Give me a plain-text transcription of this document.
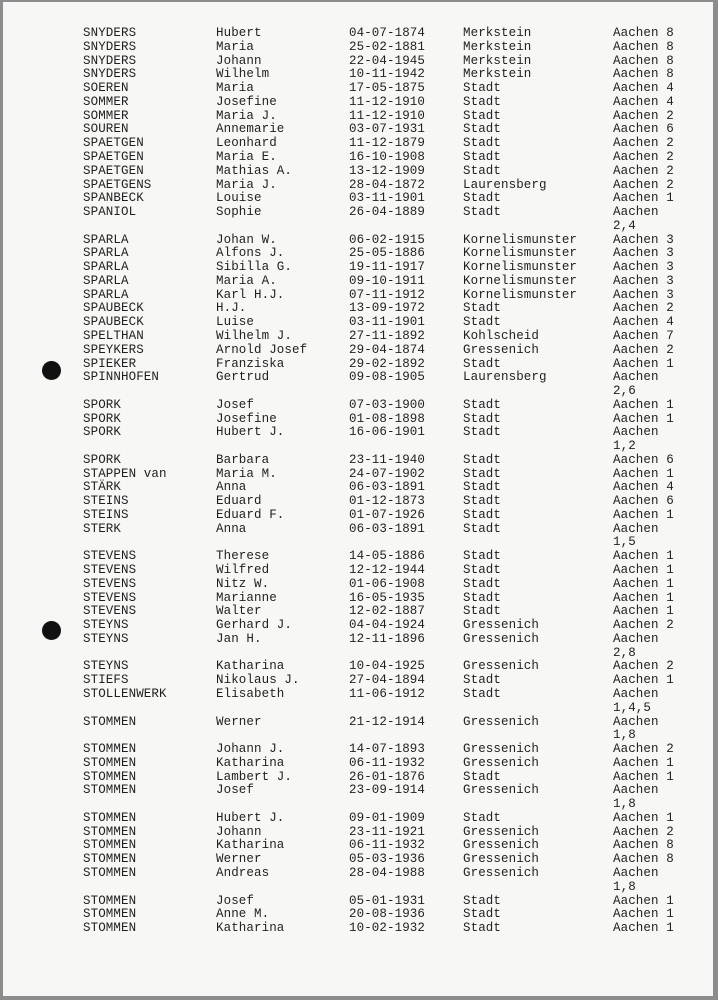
SNYDERS	Hubert	04-07-1874	Merkstein	Aachen 8
SNYDERS	Maria	25-02-1881	Merkstein	Aachen 8
SNYDERS	Johann	22-04-1945	Merkstein	Aachen 8
SNYDERS	Wilhelm	10-11-1942	Merkstein	Aachen 8
SOEREN	Maria	17-05-1875	Stadt	Aachen 4
SOMMER	Josefine	11-12-1910	Stadt	Aachen 4
SOMMER	Maria J.	11-12-1910	Stadt	Aachen 2
SOUREN	Annemarie	03-07-1931	Stadt	Aachen 6
SPAETGEN	Leonhard	11-12-1879	Stadt	Aachen 2
SPAETGEN	Maria E.	16-10-1908	Stadt	Aachen 2
SPAETGEN	Mathias A.	13-12-1909	Stadt	Aachen 2
SPAETGENS	Maria J.	28-04-1872	Laurensberg	Aachen 2
SPANBECK	Louise	03-11-1901	Stadt	Aachen 1
SPANIOL	Sophie	26-04-1889	Stadt	Aachen
2,4
SPARLA	Johan W.	06-02-1915	Kornelismunster	Aachen 3
SPARLA	Alfons J.	25-05-1886	Kornelismunster	Aachen 3
SPARLA	Sibilla G.	19-11-1917	Kornelismunster	Aachen 3
SPARLA	Maria A.	09-10-1911	Kornelismunster	Aachen 3
SPARLA	Karl H.J.	07-11-1912	Kornelismunster	Aachen 3
SPAUBECK	H.J.	13-09-1972	Stadt	Aachen 2
SPAUBECK	Luise	03-11-1901	Stadt	Aachen 4
SPELTHAN	Wilhelm J.	27-11-1892	Kohlscheid	Aachen 7
SPEYKERS	Arnold Josef	29-04-1874	Gressenich	Aachen 2
SPIEKER	Franziska	29-02-1892	Stadt	Aachen 1
SPINNHOFEN	Gertrud	09-08-1905	Laurensberg	Aachen
2,6
SPORK	Josef	07-03-1900	Stadt	Aachen 1
SPORK	Josefine	01-08-1898	Stadt	Aachen 1
SPORK	Hubert J.	16-06-1901	Stadt	Aachen
1,2
SPORK	Barbara	23-11-1940	Stadt	Aachen 6
STAPPEN van	Maria M.	24-07-1902	Stadt	Aachen 1
STÄRK	Anna	06-03-1891	Stadt	Aachen 4
STEINS	Eduard	01-12-1873	Stadt	Aachen 6
STEINS	Eduard F.	01-07-1926	Stadt	Aachen 1
STERK	Anna	06-03-1891	Stadt	Aachen
1,5
STEVENS	Therese	14-05-1886	Stadt	Aachen 1
STEVENS	Wilfred	12-12-1944	Stadt	Aachen 1
STEVENS	Nitz W.	01-06-1908	Stadt	Aachen 1
STEVENS	Marianne	16-05-1935	Stadt	Aachen 1
STEVENS	Walter	12-02-1887	Stadt	Aachen 1
STEYNS	Gerhard J.	04-04-1924	Gressenich	Aachen 2
STEYNS	Jan H.	12-11-1896	Gressenich	Aachen
2,8
STEYNS	Katharina	10-04-1925	Gressenich	Aachen 2
STIEFS	Nikolaus J.	27-04-1894	Stadt	Aachen 1
STOLLENWERK	Elisabeth	11-06-1912	Stadt	Aachen
1,4,5
STOMMEN	Werner	21-12-1914	Gressenich	Aachen
1,8
STOMMEN	Johann J.	14-07-1893	Gressenich	Aachen 2
STOMMEN	Katharina	06-11-1932	Gressenich	Aachen 1
STOMMEN	Lambert J.	26-01-1876	Stadt	Aachen 1
STOMMEN	Josef	23-09-1914	Gressenich	Aachen
1,8
STOMMEN	Hubert J.	09-01-1909	Stadt	Aachen 1
STOMMEN	Johann	23-11-1921	Gressenich	Aachen 2
STOMMEN	Katharina	06-11-1932	Gressenich	Aachen 8
STOMMEN	Werner	05-03-1936	Gressenich	Aachen 8
STOMMEN	Andreas	28-04-1988	Gressenich	Aachen
1,8
STOMMEN	Josef	05-01-1931	Stadt	Aachen 1
STOMMEN	Anne M.	20-08-1936	Stadt	Aachen 1
STOMMEN	Katharina	10-02-1932	Stadt	Aachen 1
